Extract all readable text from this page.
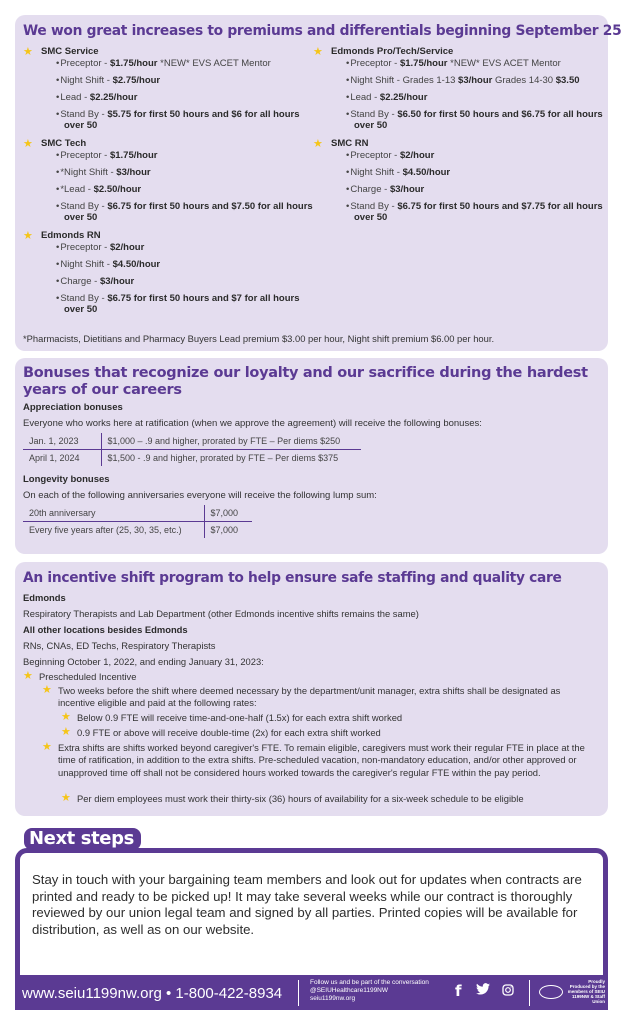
We won great increases to premiums and differentials beginning September 25
★ SMC Service
• Preceptor - $1.75/hour *NEW* EVS ACET Mentor
• Night Shift - $2.75/hour
• Lead - $2.25/hour
• Stand By - $5.75 for first 50 hours and $6 for all hours over 50
★ SMC Tech
• Preceptor - $1.75/hour
• *Night Shift - $3/hour
• *Lead - $2.50/hour
• Stand By - $6.75 for first 50 hours and $7.50 for all hours over 50
★ Edmonds RN
• Preceptor - $2/hour
• Night Shift - $4.50/hour
• Charge - $3/hour
• Stand By - $6.75 for first 50 hours and $7 for all hours over 50
★ Edmonds Pro/Tech/Service
• Preceptor - $1.75/hour *NEW* EVS ACET Mentor
• Night Shift - Grades 1-13 $3/hour Grades 14-30 $3.50
• Lead - $2.25/hour
• Stand By - $6.50 for first 50 hours and $6.75 for all hours over 50
★ SMC RN
• Preceptor - $2/hour
• Night Shift - $4.50/hour
• Charge - $3/hour
• Stand By - $6.75 for first 50 hours and $7.75 for all hours over 50
*Pharmacists, Dietitians and Pharmacy Buyers Lead premium $3.00 per hour, Night shift premium $6.00 per hour.
Bonuses that recognize our loyalty and our sacrifice during the hardest years of our careers
Appreciation bonuses
Everyone who works here at ratification (when we approve the agreement) will receive the following bonuses:
Jan. 1, 2023	$1,000 – .9 and higher, prorated by FTE – Per diems $250
April 1, 2024	$1,500 - .9 and higher, prorated by FTE – Per diems $375
Longevity bonuses
On each of the following anniversaries everyone will receive the following lump sum:
20th anniversary	$7,000
Every five years after (25, 30, 35, etc.)	$7,000
An incentive shift program to help ensure safe staffing and quality care
Edmonds
Respiratory Therapists and Lab Department (other Edmonds incentive shifts remains the same)
All other locations besides Edmonds
RNs, CNAs, ED Techs, Respiratory Therapists
Beginning October 1, 2022, and ending January 31, 2023:
★ Prescheduled Incentive
★ Two weeks before the shift where deemed necessary by the department/unit manager, extra shifts shall be designated as incentive eligible and paid at the following rates:
★ Below 0.9 FTE will receive time-and-one-half (1.5x) for each extra shift worked
★ 0.9 FTE or above will receive double-time (2x) for each extra shift worked
★ Extra shifts are shifts worked beyond caregiver's FTE. To remain eligible, caregivers must work their regular FTE in place at the time of ratification, in addition to the extra shifts. Pre-scheduled vacation, non-mandatory education, and/or other approved or unapproved time off shall not be considered hours worked towards the caregiver's regular FTE within the pay period.
★ Per diem employees must work their thirty-six (36) hours of availability for a six-week schedule to be eligible
Stay in touch with your bargaining team members and look out for updates when contracts are printed and ready to be picked up! It may take several weeks while our contract is thoroughly reviewed by our union legal team and signed by all parties. Printed copies will be available for distribution, as well as on our website.
Next steps
www.seiu1199nw.org • 1-800-422-8934
Follow us and be part of the conversation
@SEIUHealthcare1199NW
seiu1199nw.org	f
Proudly Produced by the members of SEIU 1199NW & Staff Union
